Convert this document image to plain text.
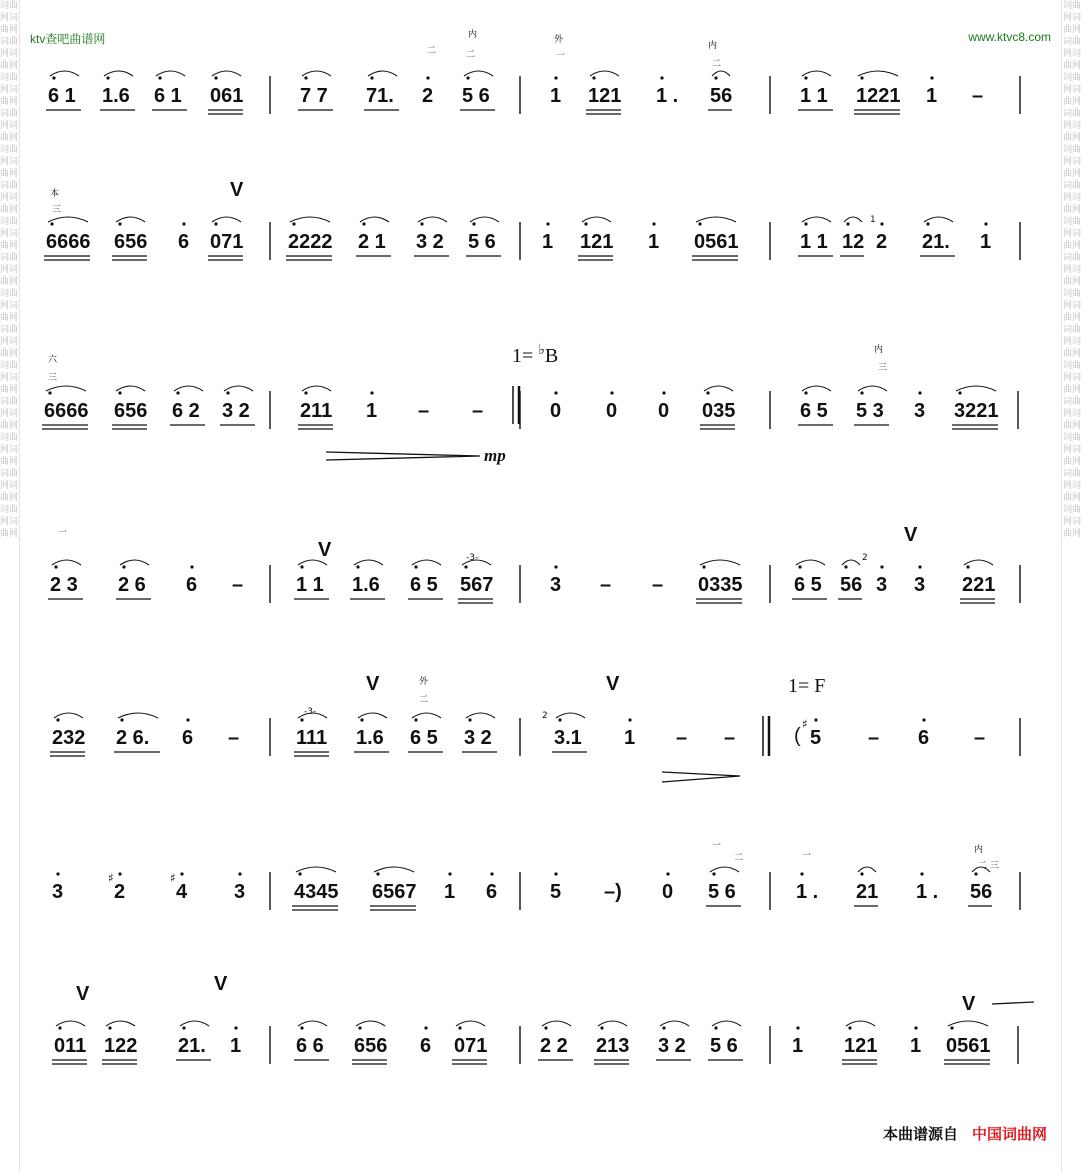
词曲网词曲网词曲网词曲网词曲网词曲网词曲网词曲网词曲网词曲网词曲网词曲网词曲网词曲网词曲网词曲网词曲网词曲网词曲网词曲网词曲网词曲网词曲网词曲网词曲网词曲网词曲网词曲网词曲网词曲网
词曲网词曲网词曲网词曲网词曲网词曲网词曲网词曲网词曲网词曲网词曲网词曲网词曲网词曲网词曲网词曲网词曲网词曲网词曲网词曲网词曲网词曲网词曲网词曲网词曲网词曲网词曲网词曲网词曲网词曲网
ktv查吧曲谱网	www.ktvc8.com
6 1 1.6 6 1 061	7 7 71. 2 5 6	1 121 1 . 56	1 1 1221 1 –
内	外
内
二	二	一
二
6666 656 6 071 2222 2 1 3 2 5 6 1 121 1 0561	1 1 12 2 21. 1
本
三
V
6666 656 6 2 3 2	211 1 – –	0 0 0 035	6 5 5 3 3 3221
六
内
三
三
2 3 2 6 6 –	1 1 1.6 6 5 567	3 – – 0335	6 5 56 3 3 221
一
V
V
232 2 6. 6 –	111 1.6 6 5 3 2	3.1 1 – –	5 – 6 –
外
二
V	V
3	2	4 3 4345 6567 1 6	5 –) 0 5 6	1 . 21 1 . 56
内
一
二	一
二 三
011 122 21. 1	6 6 656 6 071	2 2 213 3 2 5 6	1 121 1 0561
V	V
V
1= ♭B
1= F
mp
(
♯
♯	♯
1
2
2
-3-
-3-
本曲谱源自 中国词曲网
